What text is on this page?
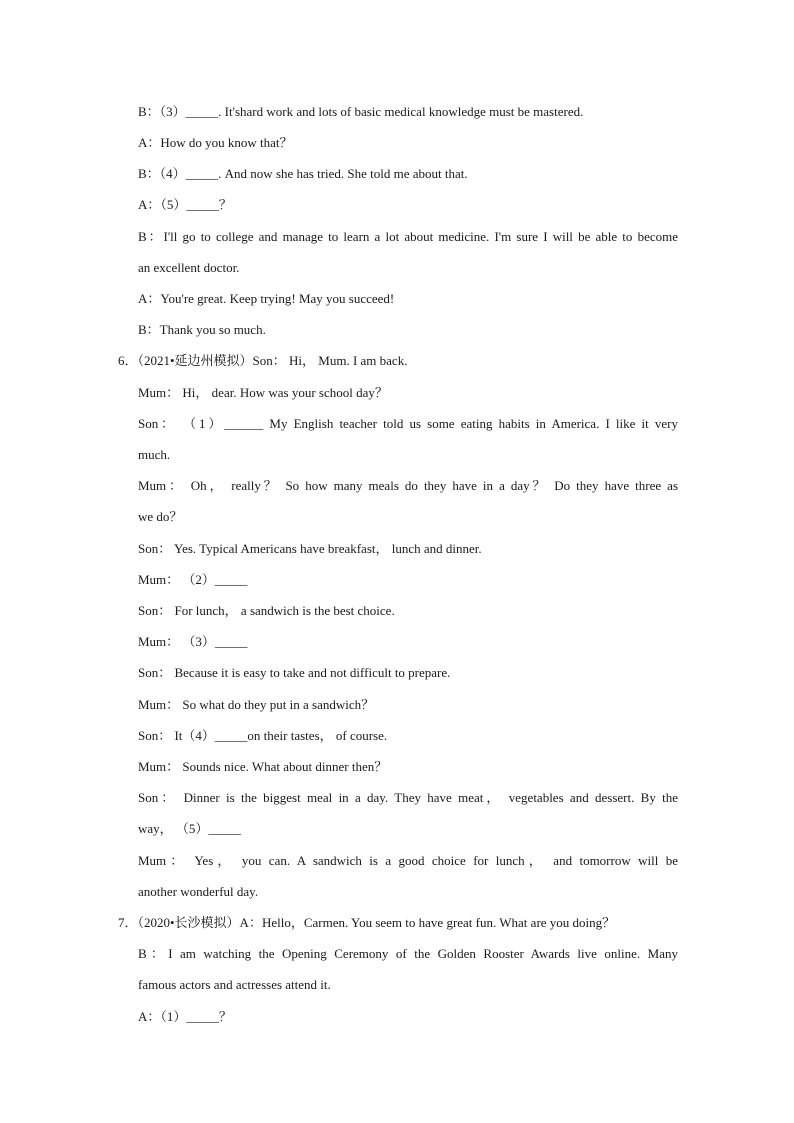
B：（3）_____. It'shard work and lots of basic medical knowledge must be mastered.
A：How do you know that？
B：（4）_____. And now she has tried. She told me about that.
A：（5）_____？
B：I'll go to college and manage to learn a lot about medicine. I'm sure I will be able to become
an excellent doctor.
A：You're great. Keep trying! May you succeed!
B：Thank you so much.
6．（2021•延边州模拟）Son： Hi， Mum. I am back.
Mum： Hi， dear. How was your school day？
Son： （1）______ My English teacher told us some eating habits in America. I like it very
much.
Mum： Oh， really？ So how many meals do they have in a day？ Do they have three as
we do？
Son： Yes. Typical Americans have breakfast， lunch and dinner.
Mum： （2）_____
Son： For lunch， a sandwich is the best choice.
Mum： （3）_____
Son： Because it is easy to take and not difficult to prepare.
Mum： So what do they put in a sandwich？
Son： It（4）_____on their tastes， of course.
Mum： Sounds nice. What about dinner then？
Son： Dinner is the biggest meal in a day. They have meat， vegetables and dessert. By the
way， （5）_____
Mum： Yes， you can. A sandwich is a good choice for lunch， and tomorrow will be
another wonderful day.
7．（2020•长沙模拟）A：Hello，Carmen. You seem to have great fun. What are you doing？
B：I am watching the Opening Ceremony of the Golden Rooster Awards live online. Many
famous actors and actresses attend it.
A：（1）_____？
